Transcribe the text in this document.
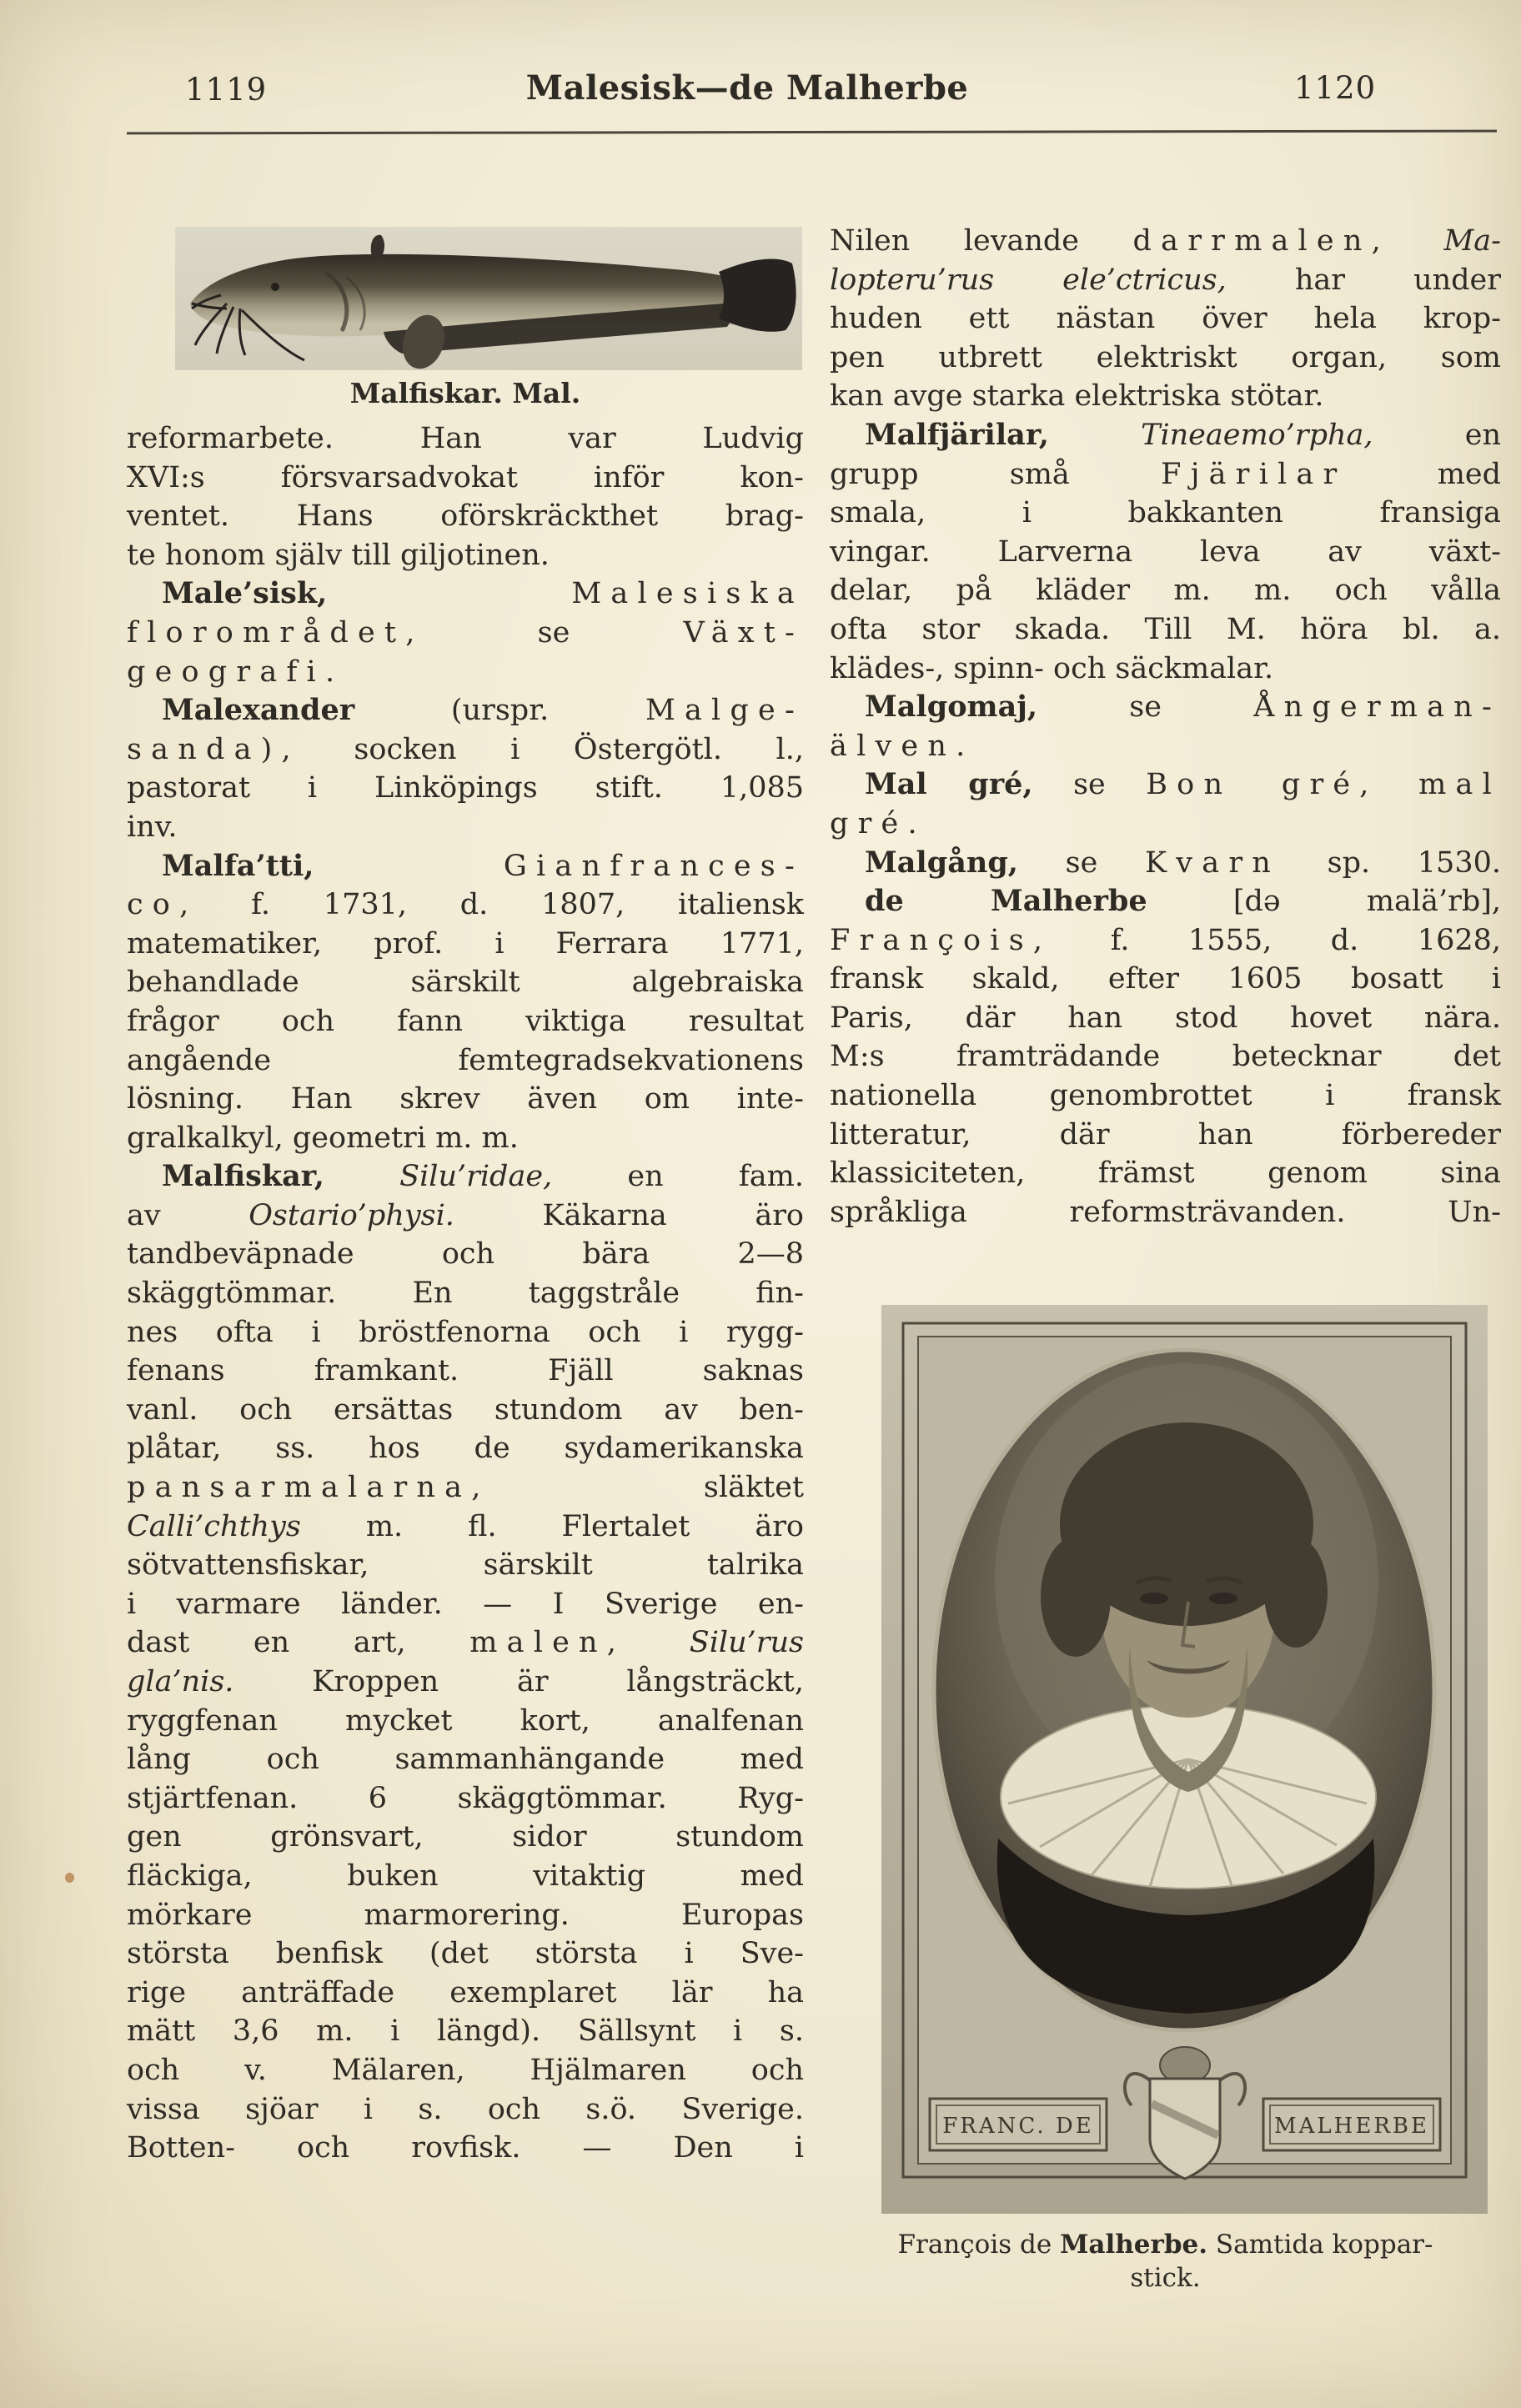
1119	Malesisk—de Malherbe	1120
Malfiskar. Mal.
reformarbete. Han var Ludvig
XVI:s försvarsadvokat inför kon-
ventet. Hans oförskräckthet brag-
te honom själv till giljotinen.
Male’sisk,	Malesiska
florområdet, se Växt-
geografi.
Malexander (urspr. Malge-
sanda), socken i Östergötl. l.,
pastorat i Linköpings stift. 1,085
inv.
Malfa’tti,	Gianfrances-
co, f. 1731, d. 1807, italiensk
matematiker, prof. i Ferrara 1771,
behandlade särskilt algebraiska
frågor och fann viktiga resultat
angående femtegradsekvationens
lösning. Han skrev även om inte-
gralkalkyl, geometri m. m.
Malfiskar, Silu’ridae, en fam.
av Ostario’physi. Käkarna äro
tandbeväpnade och bära 2—8
skäggtömmar. En taggstråle fin-
nes ofta i bröstfenorna och i rygg-
fenans framkant. Fjäll saknas
vanl. och ersättas stundom av ben-
plåtar, ss. hos de sydamerikanska
pansarmalarna, släktet
Calli’chthys m. fl. Flertalet äro
sötvattensfiskar, särskilt talrika
i varmare länder. — I Sverige en-
dast en art, malen, Silu’rus
gla’nis. Kroppen är långsträckt,
ryggfenan mycket kort, analfenan
lång och sammanhängande med
stjärtfenan. 6 skäggtömmar. Ryg-
gen grönsvart, sidor stundom
fläckiga, buken vitaktig med
mörkare marmorering. Europas
största benfisk (det största i Sve-
rige anträffade exemplaret lär ha
mätt 3,6 m. i längd). Sällsynt i s.
och v. Mälaren, Hjälmaren och
vissa sjöar i s. och s.ö. Sverige.
Botten- och rovfisk. — Den i
Nilen levande darrmalen, Ma-
lopteru’rus ele’ctricus, har under
huden ett nästan över hela krop-
pen utbrett elektriskt organ, som
kan avge starka elektriska stötar.
Malfjärilar, Tineaemo’rpha, en
grupp små Fjärilar med
smala, i bakkanten fransiga
vingar. Larverna leva av växt-
delar, på kläder m. m. och vålla
ofta stor skada. Till M. höra bl. a.
klädes-, spinn- och säckmalar.
Malgomaj, se Ångerman-
älven.
Mal gré, se Bon gré, mal
gré.
Malgång, se Kvarn sp. 1530.
de Malherbe [də malä’rb],
François, f. 1555, d. 1628,
fransk skald, efter 1605 bosatt i
Paris, där han stod hovet nära.
M:s framträdande betecknar det
nationella genombrottet i fransk
litteratur, där han förbereder
klassiciteten, främst genom sina
språkliga reformsträvanden. Un-
FRANC. DE	MALHERBE
François de Malherbe. Samtida koppar-
stick.
